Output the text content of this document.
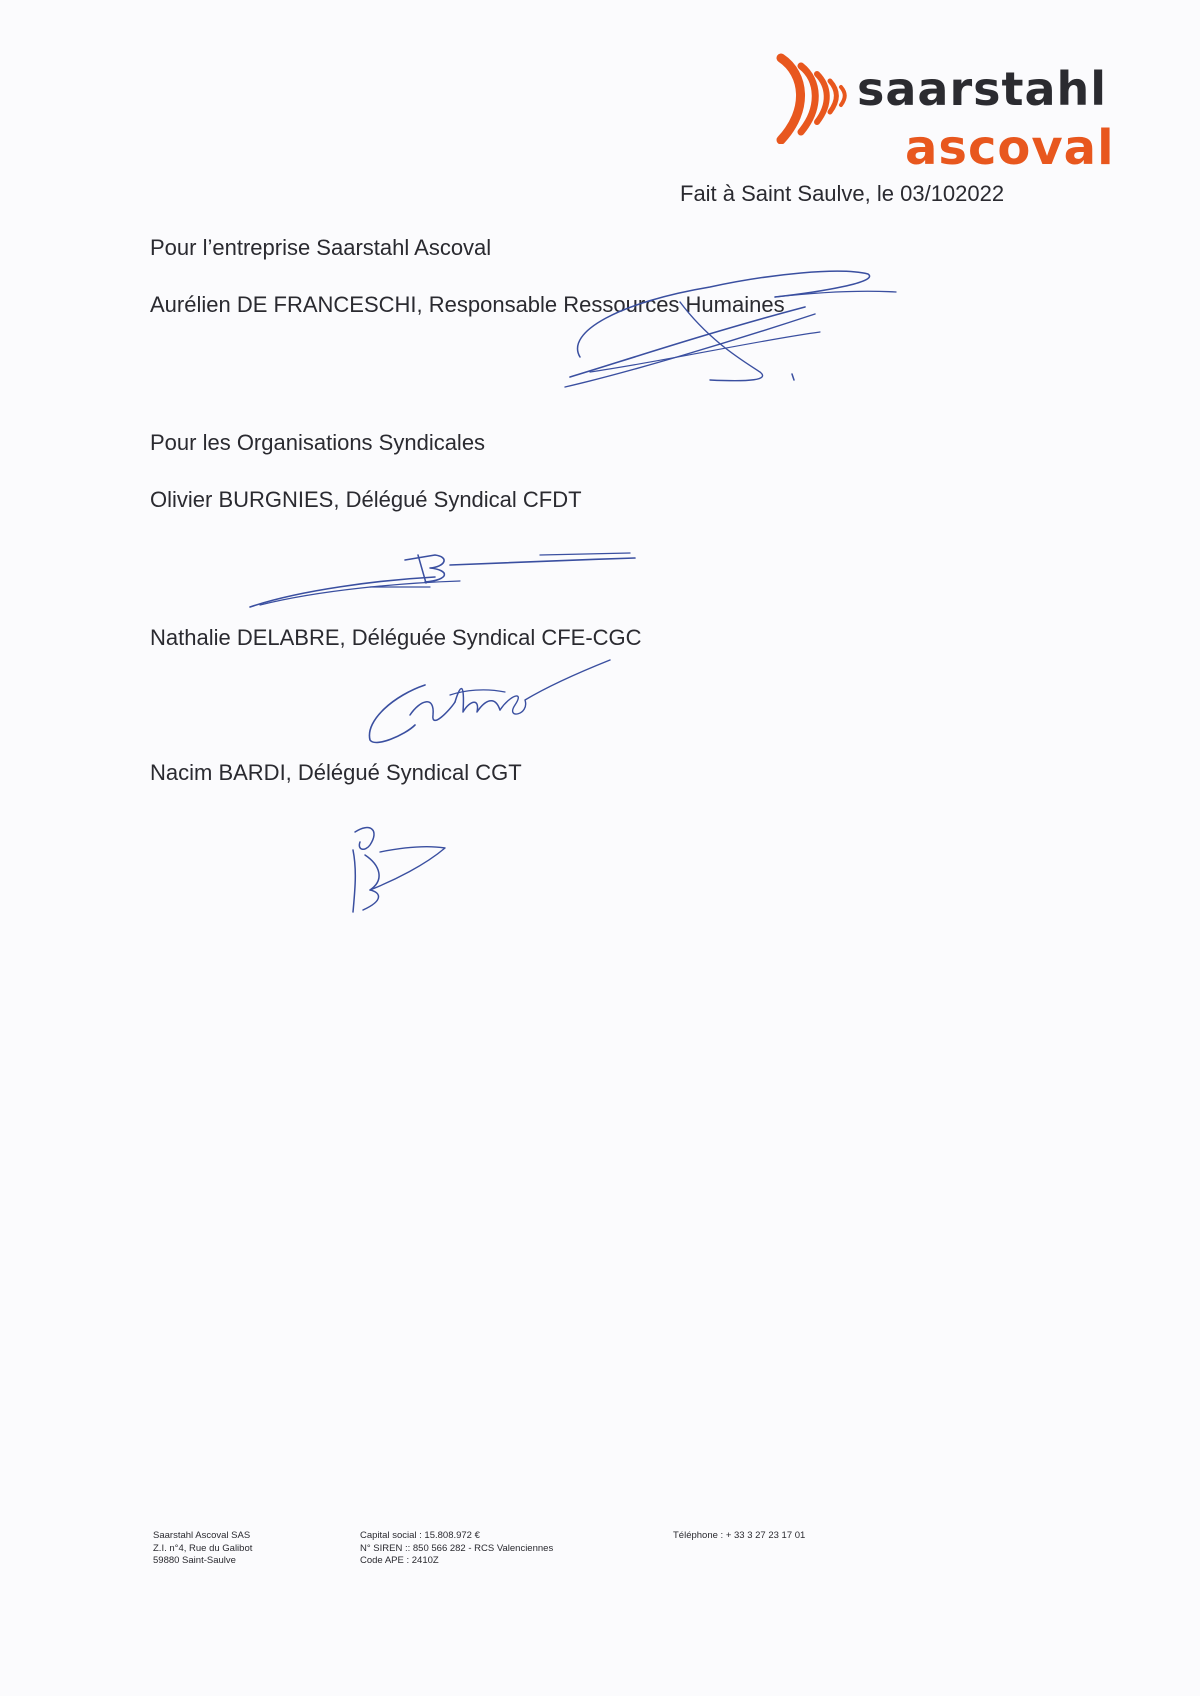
saarstahl
ascoval
Fait à Saint Saulve, le 03/102022
Pour l’entreprise Saarstahl Ascoval
Aurélien DE FRANCESCHI, Responsable Ressources Humaines
Pour les Organisations Syndicales
Olivier BURGNIES, Délégué Syndical CFDT
Nathalie DELABRE, Déléguée Syndical CFE-CGC
Nacim BARDI, Délégué Syndical CGT
Saarstahl Ascoval SAS
Z.I. n°4, Rue du Galibot
59880 Saint-Saulve
Capital social : 15.808.972 €
N° SIREN :: 850 566 282 - RCS Valenciennes
Code APE : 2410Z
Téléphone : + 33 3 27 23 17 01
